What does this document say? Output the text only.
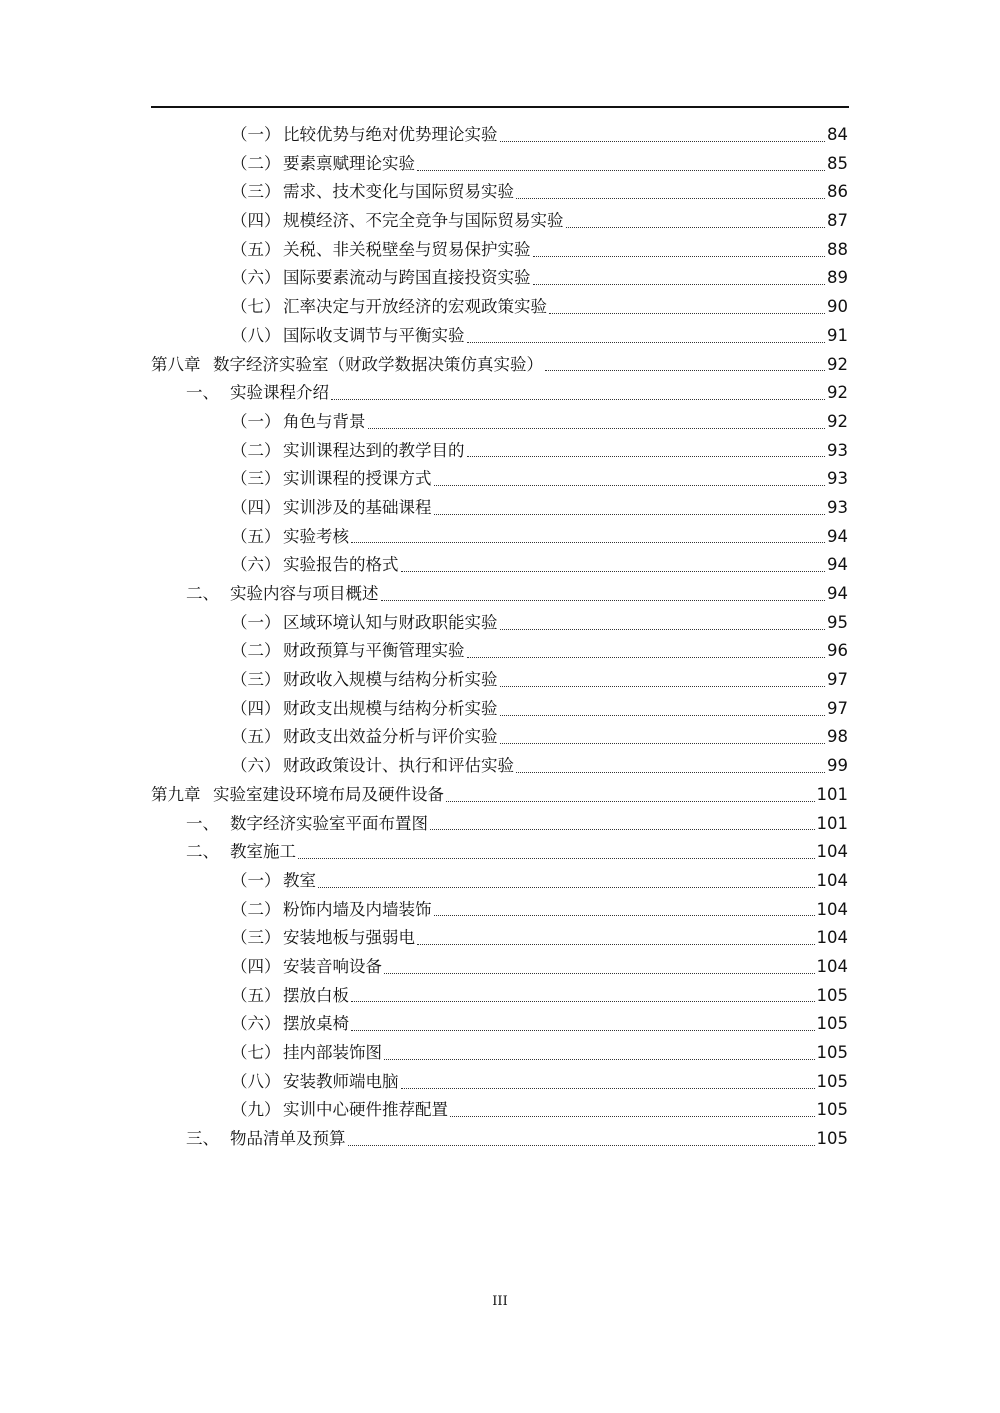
（一） 比较优势与绝对优势理论实验	84
（二） 要素禀赋理论实验	85
（三） 需求、技术变化与国际贸易实验	86
（四） 规模经济、不完全竞争与国际贸易实验	87
（五） 关税、非关税壁垒与贸易保护实验	88
（六） 国际要素流动与跨国直接投资实验	89
（七） 汇率决定与开放经济的宏观政策实验	90
（八） 国际收支调节与平衡实验	91
第八章 数字经济实验室（财政学数据决策仿真实验）	92
一、 实验课程介绍	92
（一） 角色与背景	92
（二） 实训课程达到的教学目的	93
（三） 实训课程的授课方式	93
（四） 实训涉及的基础课程	93
（五） 实验考核	94
（六） 实验报告的格式	94
二、 实验内容与项目概述	94
（一） 区域环境认知与财政职能实验	95
（二） 财政预算与平衡管理实验	96
（三） 财政收入规模与结构分析实验	97
（四） 财政支出规模与结构分析实验	97
（五） 财政支出效益分析与评价实验	98
（六） 财政政策设计、执行和评估实验	99
第九章 实验室建设环境布局及硬件设备	101
一、 数字经济实验室平面布置图	101
二、 教室施工	104
（一） 教室	104
（二） 粉饰内墙及内墙装饰	104
（三） 安装地板与强弱电	104
（四） 安装音响设备	104
（五） 摆放白板	105
（六） 摆放桌椅	105
（七） 挂内部装饰图	105
（八） 安装教师端电脑	105
（九） 实训中心硬件推荐配置	105
三、 物品清单及预算	105
III
